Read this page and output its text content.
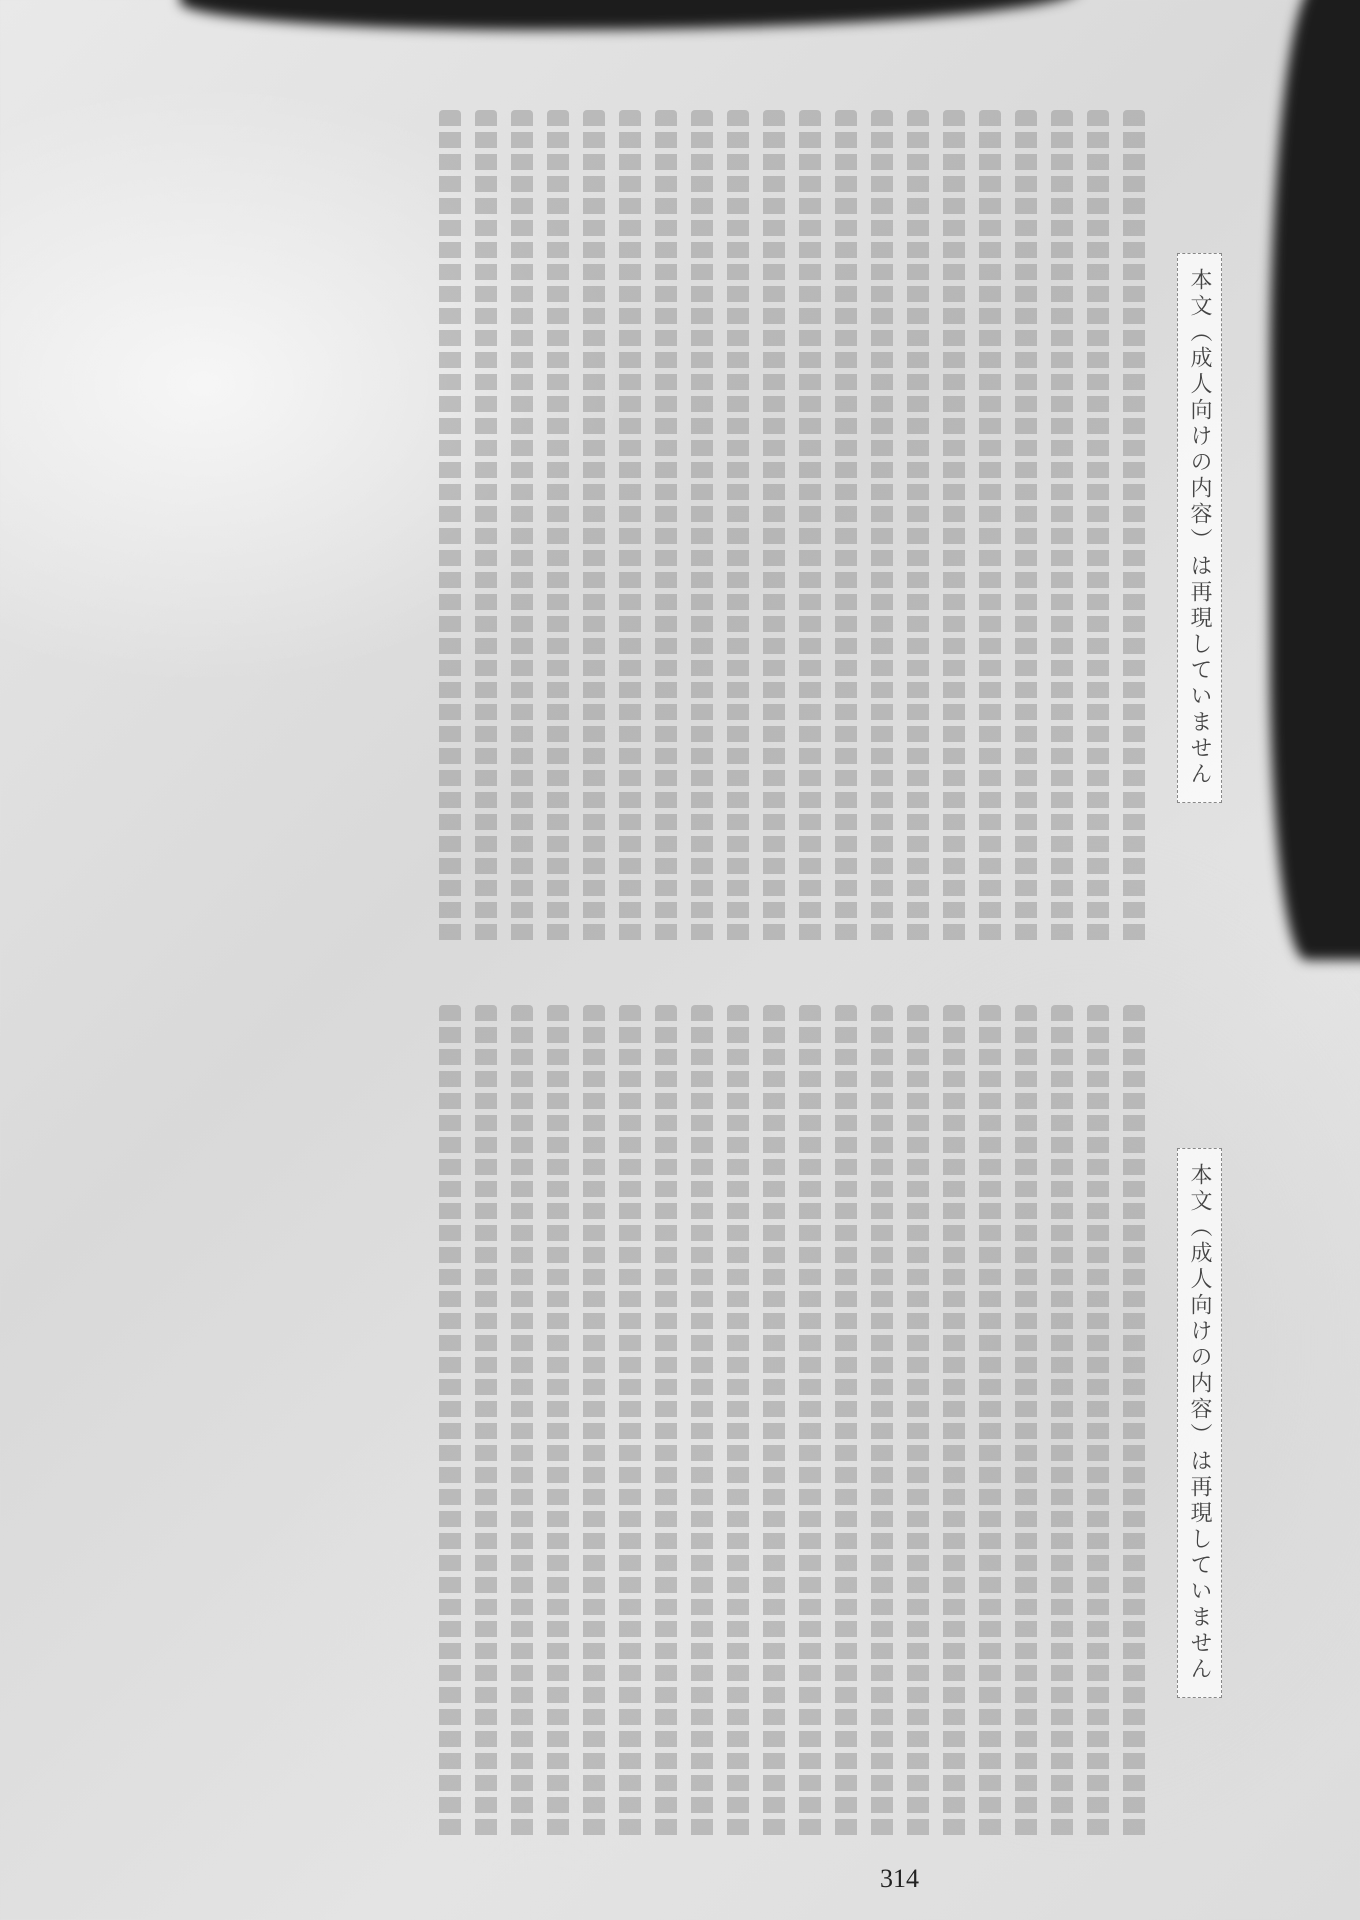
本文（成人向けの内容）は再現していません
本文（成人向けの内容）は再現していません
314
